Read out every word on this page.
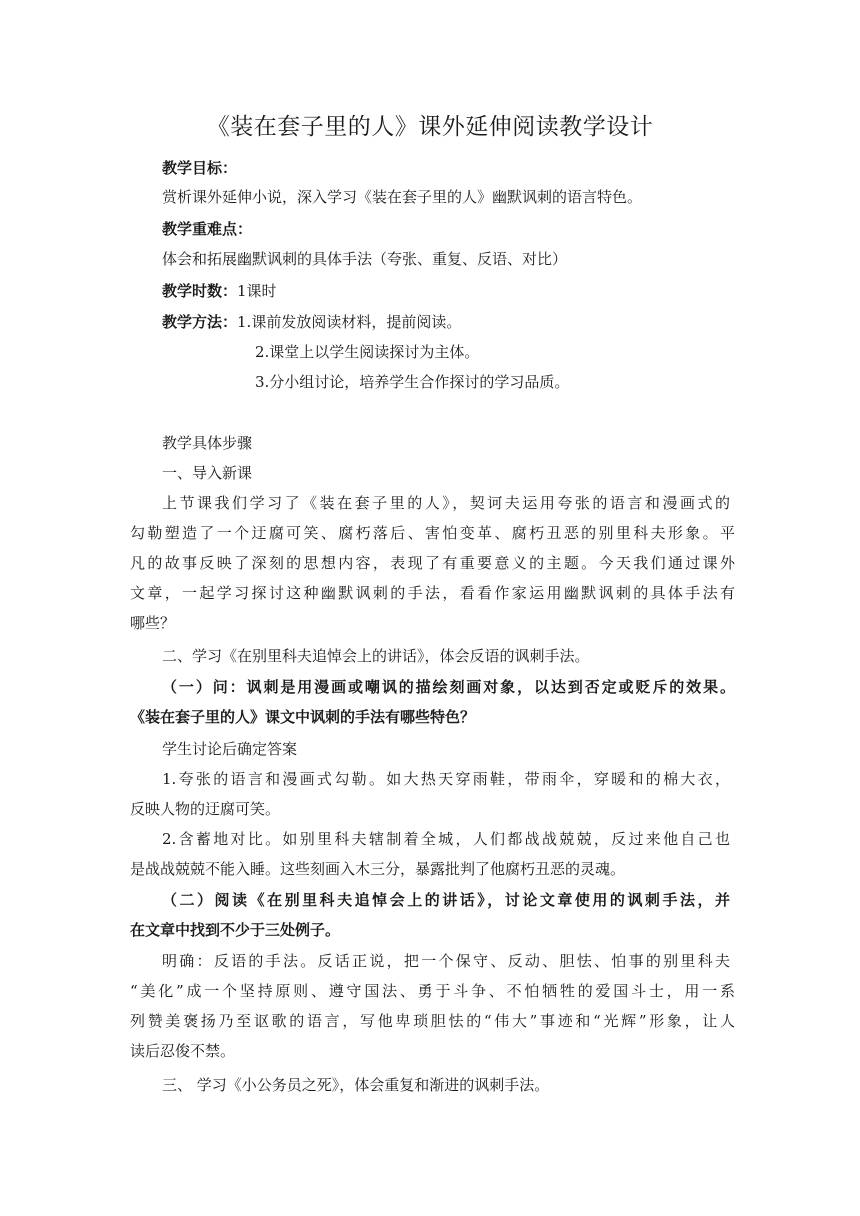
《装在套子里的人》课外延伸阅读教学设计

教学目标：

赏析课外延伸小说，深入学习《装在套子里的人》幽默讽刺的语言特色。

教学重难点：

体会和拓展幽默讽刺的具体手法（夸张、重复、反语、对比）

教学时数：1课时

教学方法：1.课前发放阅读材料，提前阅读。

2.课堂上以学生阅读探讨为主体。

3.分小组讨论，培养学生合作探讨的学习品质。

教学具体步骤

一、导入新课

上节课我们学习了《装在套子里的人》，契诃夫运用夸张的语言和漫画式的

勾勒塑造了一个迂腐可笑、腐朽落后、害怕变革、腐朽丑恶的别里科夫形象。平

凡的故事反映了深刻的思想内容，表现了有重要意义的主题。今天我们通过课外

文章，一起学习探讨这种幽默讽刺的手法，看看作家运用幽默讽刺的具体手法有

哪些？

二、学习《在别里科夫追悼会上的讲话》，体会反语的讽刺手法。

（一）问：讽刺是用漫画或嘲讽的描绘刻画对象，以达到否定或贬斥的效果。

《装在套子里的人》课文中讽刺的手法有哪些特色？

学生讨论后确定答案

1.夸张的语言和漫画式勾勒。如大热天穿雨鞋，带雨伞，穿暖和的棉大衣，

反映人物的迂腐可笑。

2.含蓄地对比。如别里科夫辖制着全城，人们都战战兢兢，反过来他自己也

是战战兢兢不能入睡。这些刻画入木三分，暴露批判了他腐朽丑恶的灵魂。

（二）阅读《在别里科夫追悼会上的讲话》，讨论文章使用的讽刺手法，并

在文章中找到不少于三处例子。

明确：反语的手法。反话正说，把一个保守、反动、胆怯、怕事的别里科夫

“美化”成一个坚持原则、遵守国法、勇于斗争、不怕牺牲的爱国斗士，用一系

列赞美褒扬乃至讴歌的语言，写他卑琐胆怯的“伟大”事迹和“光辉”形象，让人

读后忍俊不禁。

三、 学习《小公务员之死》，体会重复和渐进的讽刺手法。
